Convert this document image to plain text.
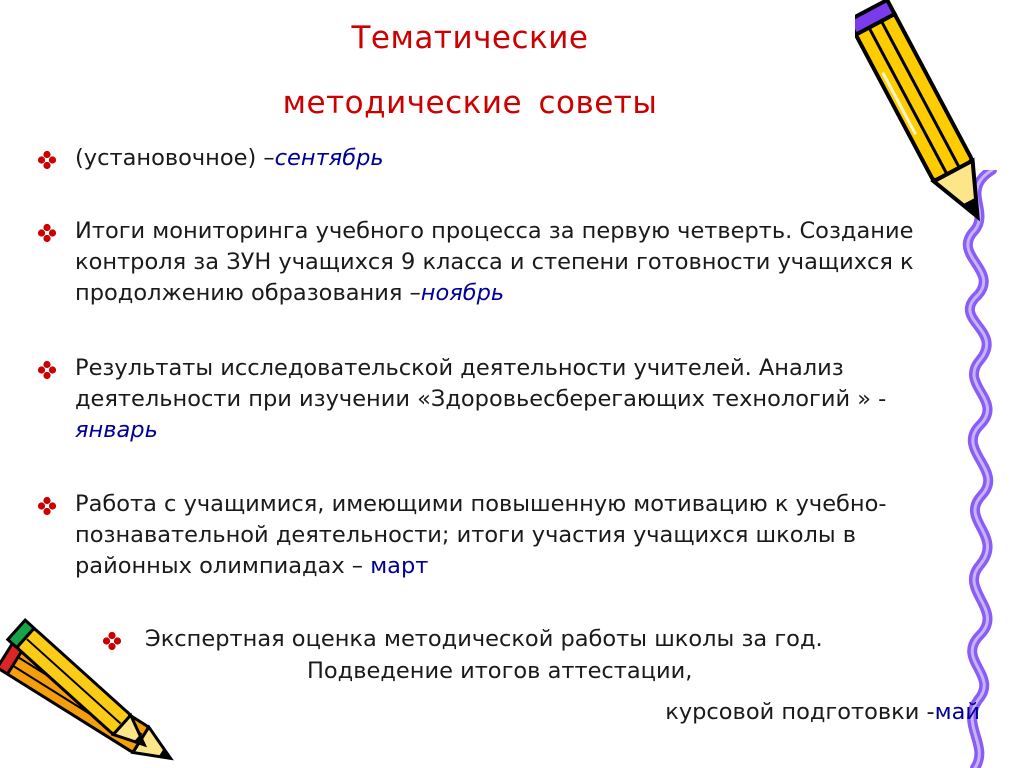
Тематические
методические советы
(установочное) –сентябрь
Итоги мониторинга учебного процесса за первую четверть. Создание контроля за ЗУН учащихся 9 класса и степени готовности учащихся к продолжению образования –ноябрь
Результаты исследовательской деятельности учителей. Анализ деятельности при изучении «Здоровьесберегающих технологий » - январь
Работа с учащимися, имеющими повышенную мотивацию к учебно-познавательной деятельности; итоги участия учащихся школы в районных олимпиадах – март
Экспертная оценка методической работы школы за год.
Подведение итогов аттестации,
курсовой подготовки -май
